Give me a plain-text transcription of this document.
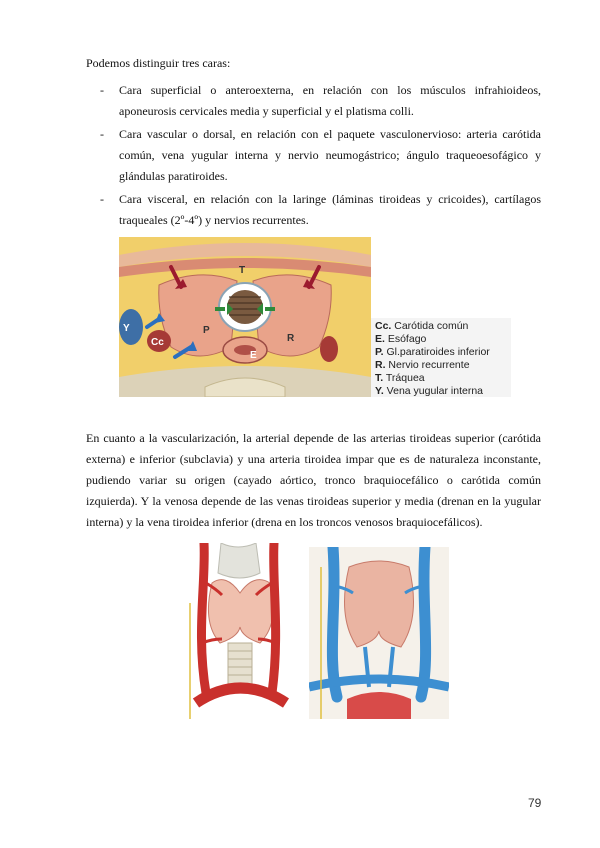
Podemos distinguir tres caras:
- Cara superficial o anteroexterna, en relación con los músculos infrahioideos, aponeurosis cervicales media y superficial y el platisma colli.
- Cara vascular o dorsal, en relación con el paquete vasculonervioso: arteria carótida común, vena yugular interna y nervio neumogástrico; ángulo traqueoesofágico y glándulas paratiroides.
- Cara visceral, en relación con la laringe (láminas tiroideas y cricoides), cartílagos traqueales (2º-4º) y nervios recurrentes.
Y
Cc
T
P
E
R
Cc. Carótida común
E. Esófago
P. Gl.paratiroides inferior
R. Nervio recurrente
T. Tráquea
Y. Vena yugular interna

En cuanto a la vascularización, la arterial depende de las arterias tiroideas superior (carótida externa) e inferior (subclavia) y una arteria tiroidea impar que es de naturaleza inconstante, pudiendo variar su origen (cayado aórtico, tronco braquiocefálico o carótida común izquierda). Y la venosa depende de las venas tiroideas superior y media (drenan en la yugular interna) y la vena tiroidea inferior (drena en los troncos venosos braquiocefálicos).

79
